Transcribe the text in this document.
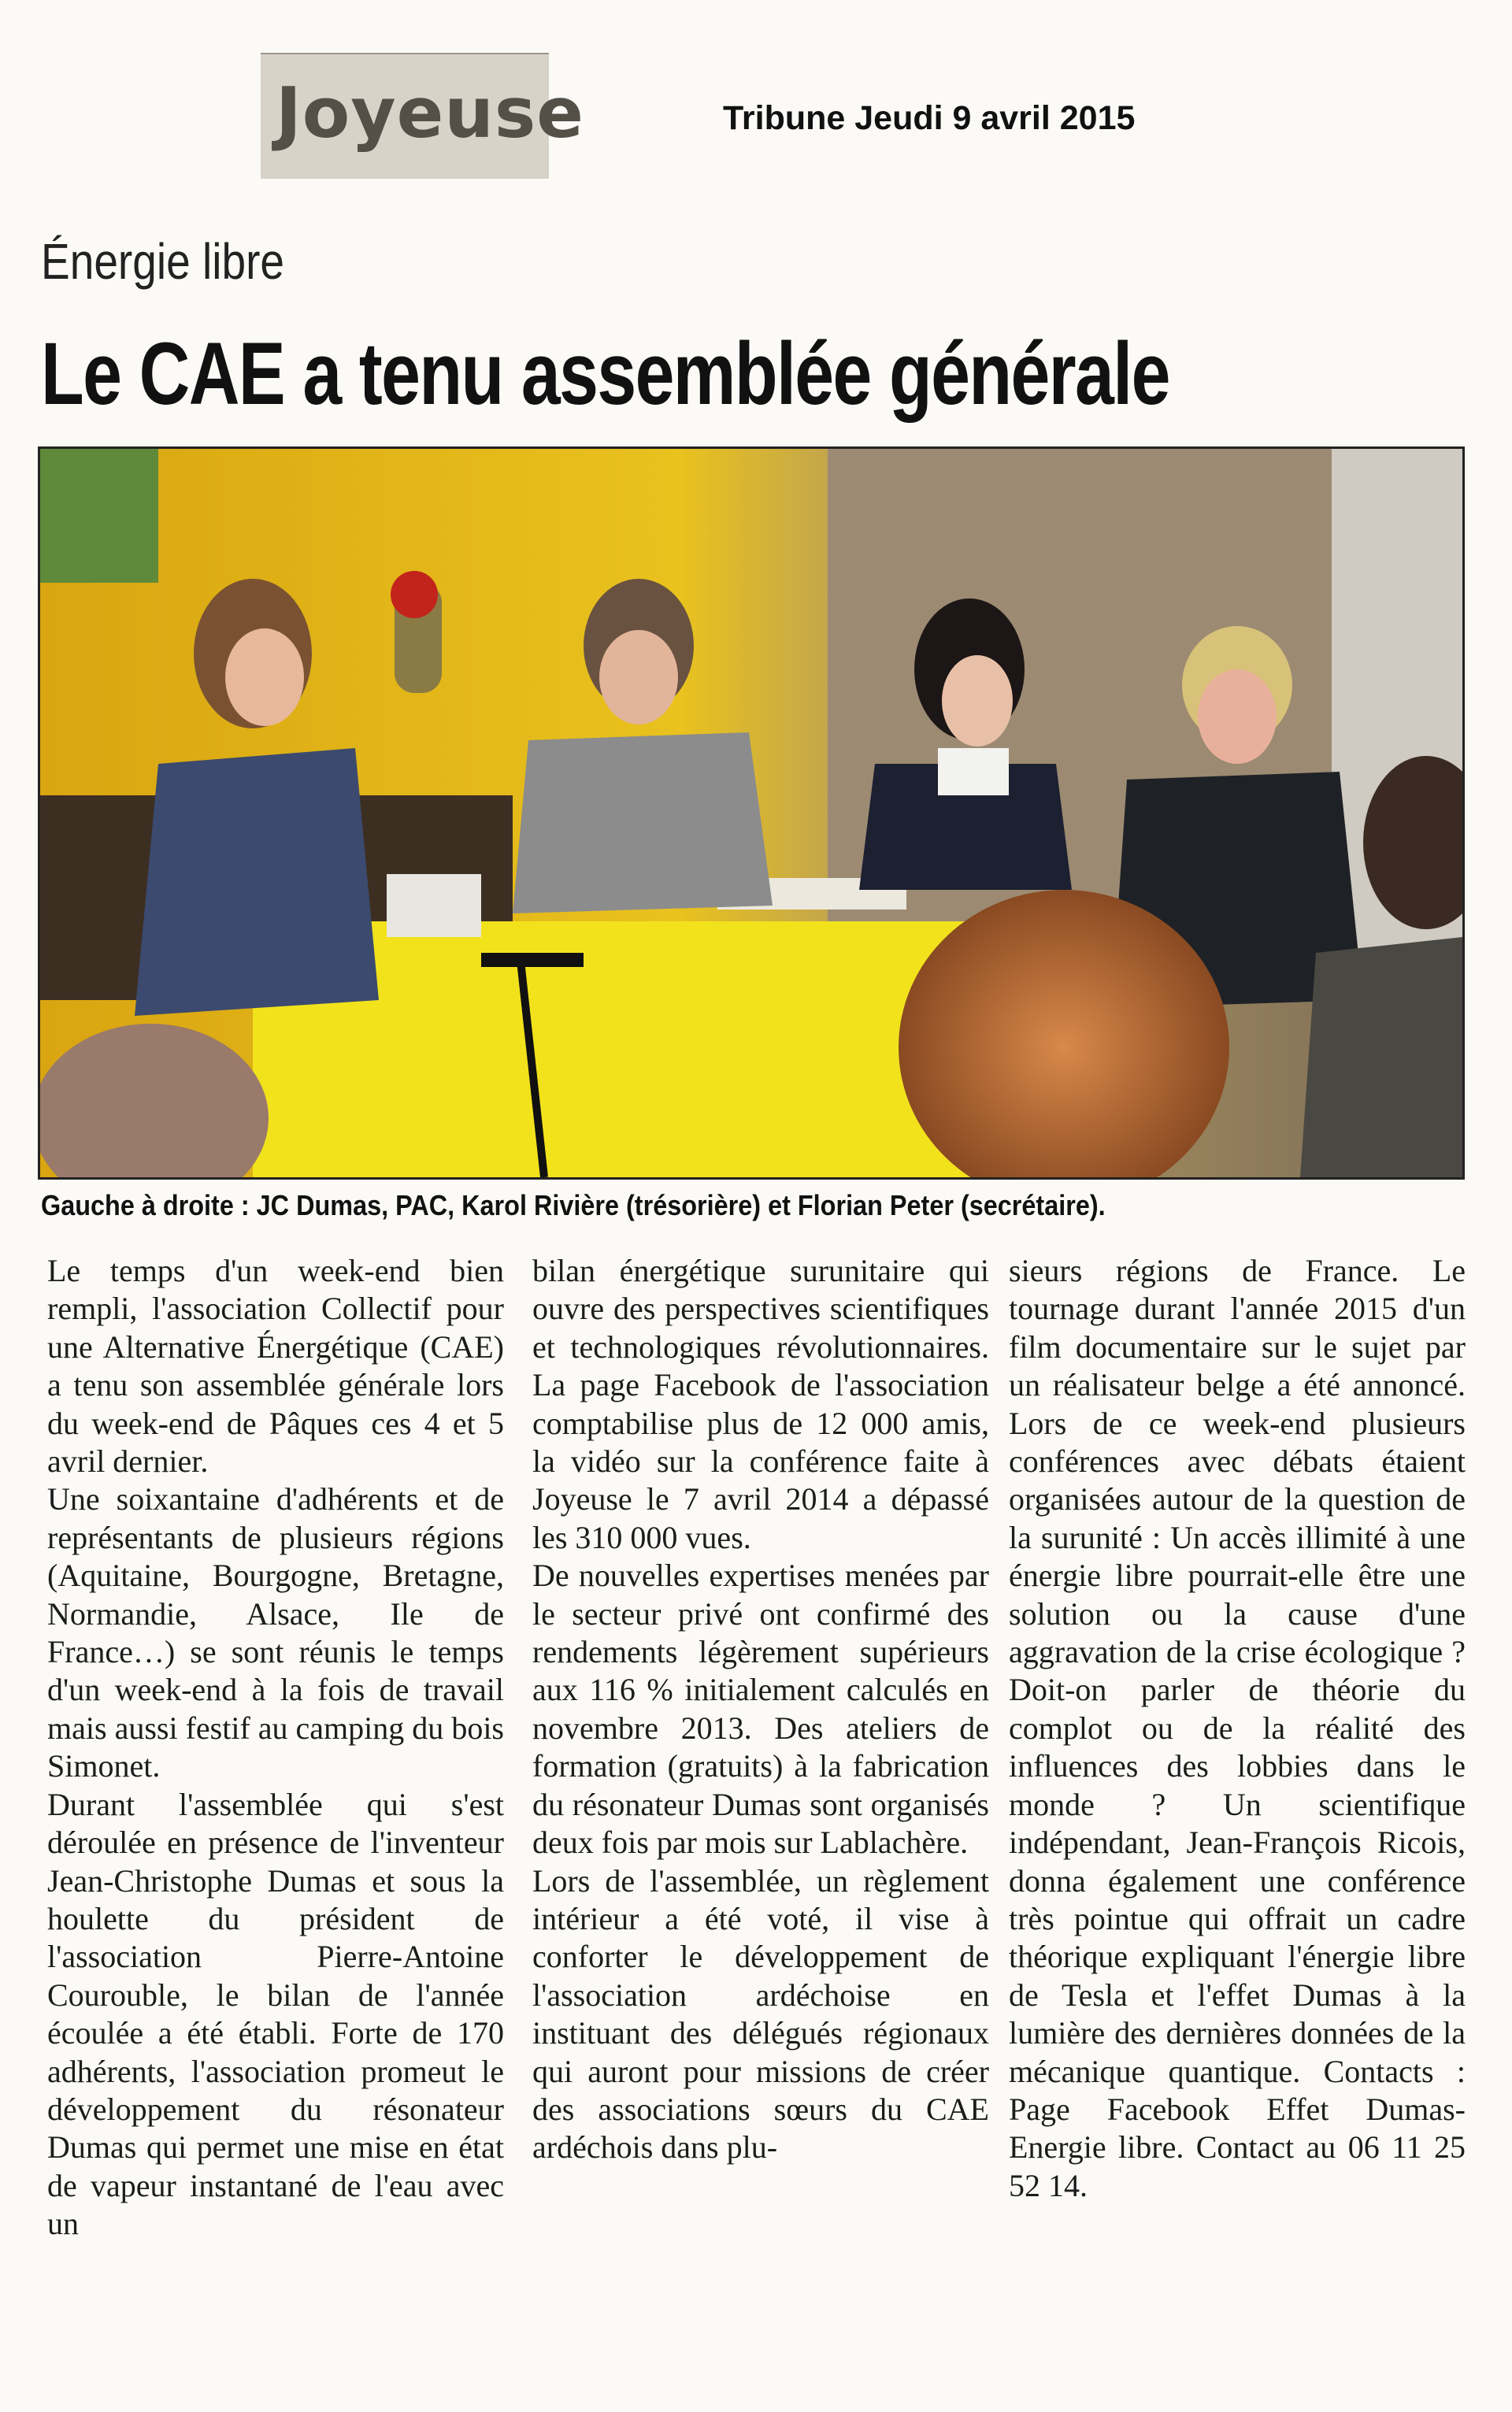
Joyeuse	Tribune Jeudi 9 avril 2015
Énergie libre
Le CAE a tenu assemblée générale
Gauche à droite : JC Dumas, PAC, Karol Rivière (trésorière) et Florian Peter (secrétaire).

Le temps d'un week-end bien rempli, l'association Collectif pour une Alternative Énergétique (CAE) a tenu son assemblée générale lors du week-end de Pâques ces 4 et 5 avril dernier.

Une soixantaine d'adhérents et de représentants de plusieurs régions (Aquitaine, Bourgogne, Bretagne, Normandie, Alsace, Ile de France…) se sont réunis le temps d'un week-end à la fois de travail mais aussi festif au camping du bois Simonet.

Durant l'assemblée qui s'est déroulée en présence de l'inventeur Jean-Christophe Dumas et sous la houlette du président de l'association Pierre-Antoine Courouble, le bilan de l'année écoulée a été établi. Forte de 170 adhérents, l'association promeut le développement du résonateur Dumas qui permet une mise en état de vapeur instantané de l'eau avec un

bilan énergétique surunitaire qui ouvre des perspectives scientifiques et technologiques révolutionnaires. La page Facebook de l'association comptabilise plus de 12 000 amis, la vidéo sur la conférence faite à Joyeuse le 7 avril 2014 a dépassé les 310 000 vues.

De nouvelles expertises menées par le secteur privé ont confirmé des rendements légèrement supérieurs aux 116 % initialement calculés en novembre 2013. Des ateliers de formation (gratuits) à la fabrication du résonateur Dumas sont organisés deux fois par mois sur Lablachère.

Lors de l'assemblée, un règlement intérieur a été voté, il vise à conforter le développement de l'association ardéchoise en instituant des délégués régionaux qui auront pour missions de créer des associations sœurs du CAE ardéchois dans plu-

sieurs régions de France. Le tournage durant l'année 2015 d'un film documentaire sur le sujet par un réalisateur belge a été annoncé. Lors de ce week-end plusieurs conférences avec débats étaient organisées autour de la question de la surunité : Un accès illimité à une énergie libre pourrait-elle être une solution ou la cause d'une aggravation de la crise écologique ? Doit-on parler de théorie du complot ou de la réalité des influences des lobbies dans le monde ? Un scientifique indépendant, Jean-François Ricois, donna également une conférence très pointue qui offrait un cadre théorique expliquant l'énergie libre de Tesla et l'effet Dumas à la lumière des dernières données de la mécanique quantique. Contacts : Page Facebook Effet Dumas-Energie libre. Contact au 06 11 25 52 14.
